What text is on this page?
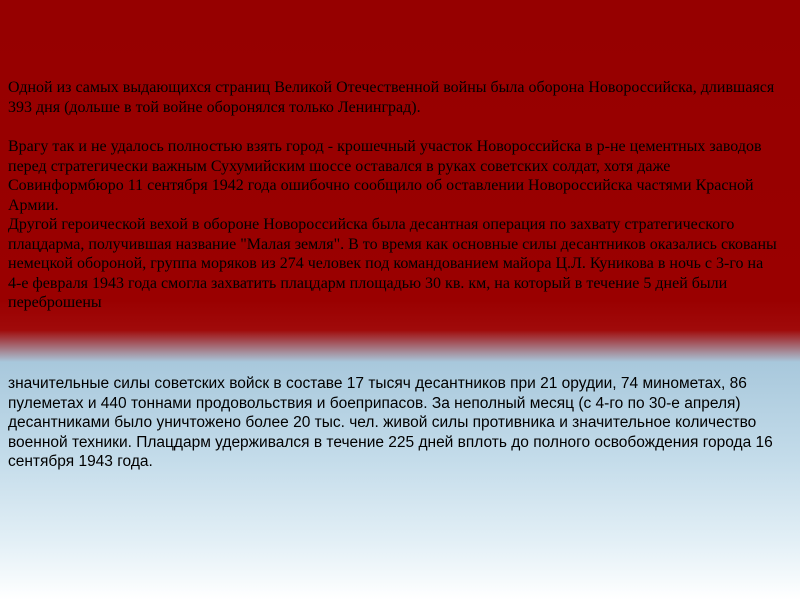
Одной из самых выдающихся страниц Великой Отечественной войны была оборона Новороссийска, длившаяся 393 дня (дольше в той войне оборонялся только Ленинград).

Врагу так и не удалось полностью взять город - крошечный участок Новороссийска в р-не цементных заводов перед стратегически важным Сухумийским шоссе оставался в руках советских солдат, хотя даже Совинформбюро 11 сентября 1942 года ошибочно сообщило об оставлении Новороссийска частями Красной Армии.

Другой героической вехой в обороне Новороссийска была десантная операция по захвату стратегического плацдарма, получившая название "Малая земля". В то время как основные силы десантников оказались скованы немецкой обороной, группа моряков из 274 человек под командованием майора Ц.Л. Куникова в ночь с 3-го на 4-е февраля 1943 года смогла захватить плацдарм площадью 30 кв. км, на который в течение 5 дней были переброшены

значительные силы советских войск в составе 17 тысяч десантников при 21 орудии, 74 минометах, 86 пулеметах и 440 тоннами продовольствия и боеприпасов. За неполный месяц (с 4-го по 30-е апреля) десантниками было уничтожено более 20 тыс. чел. живой силы противника и значительное количество военной техники. Плацдарм удерживался в течение 225 дней вплоть до полного освобождения города 16 сентября 1943 года.
